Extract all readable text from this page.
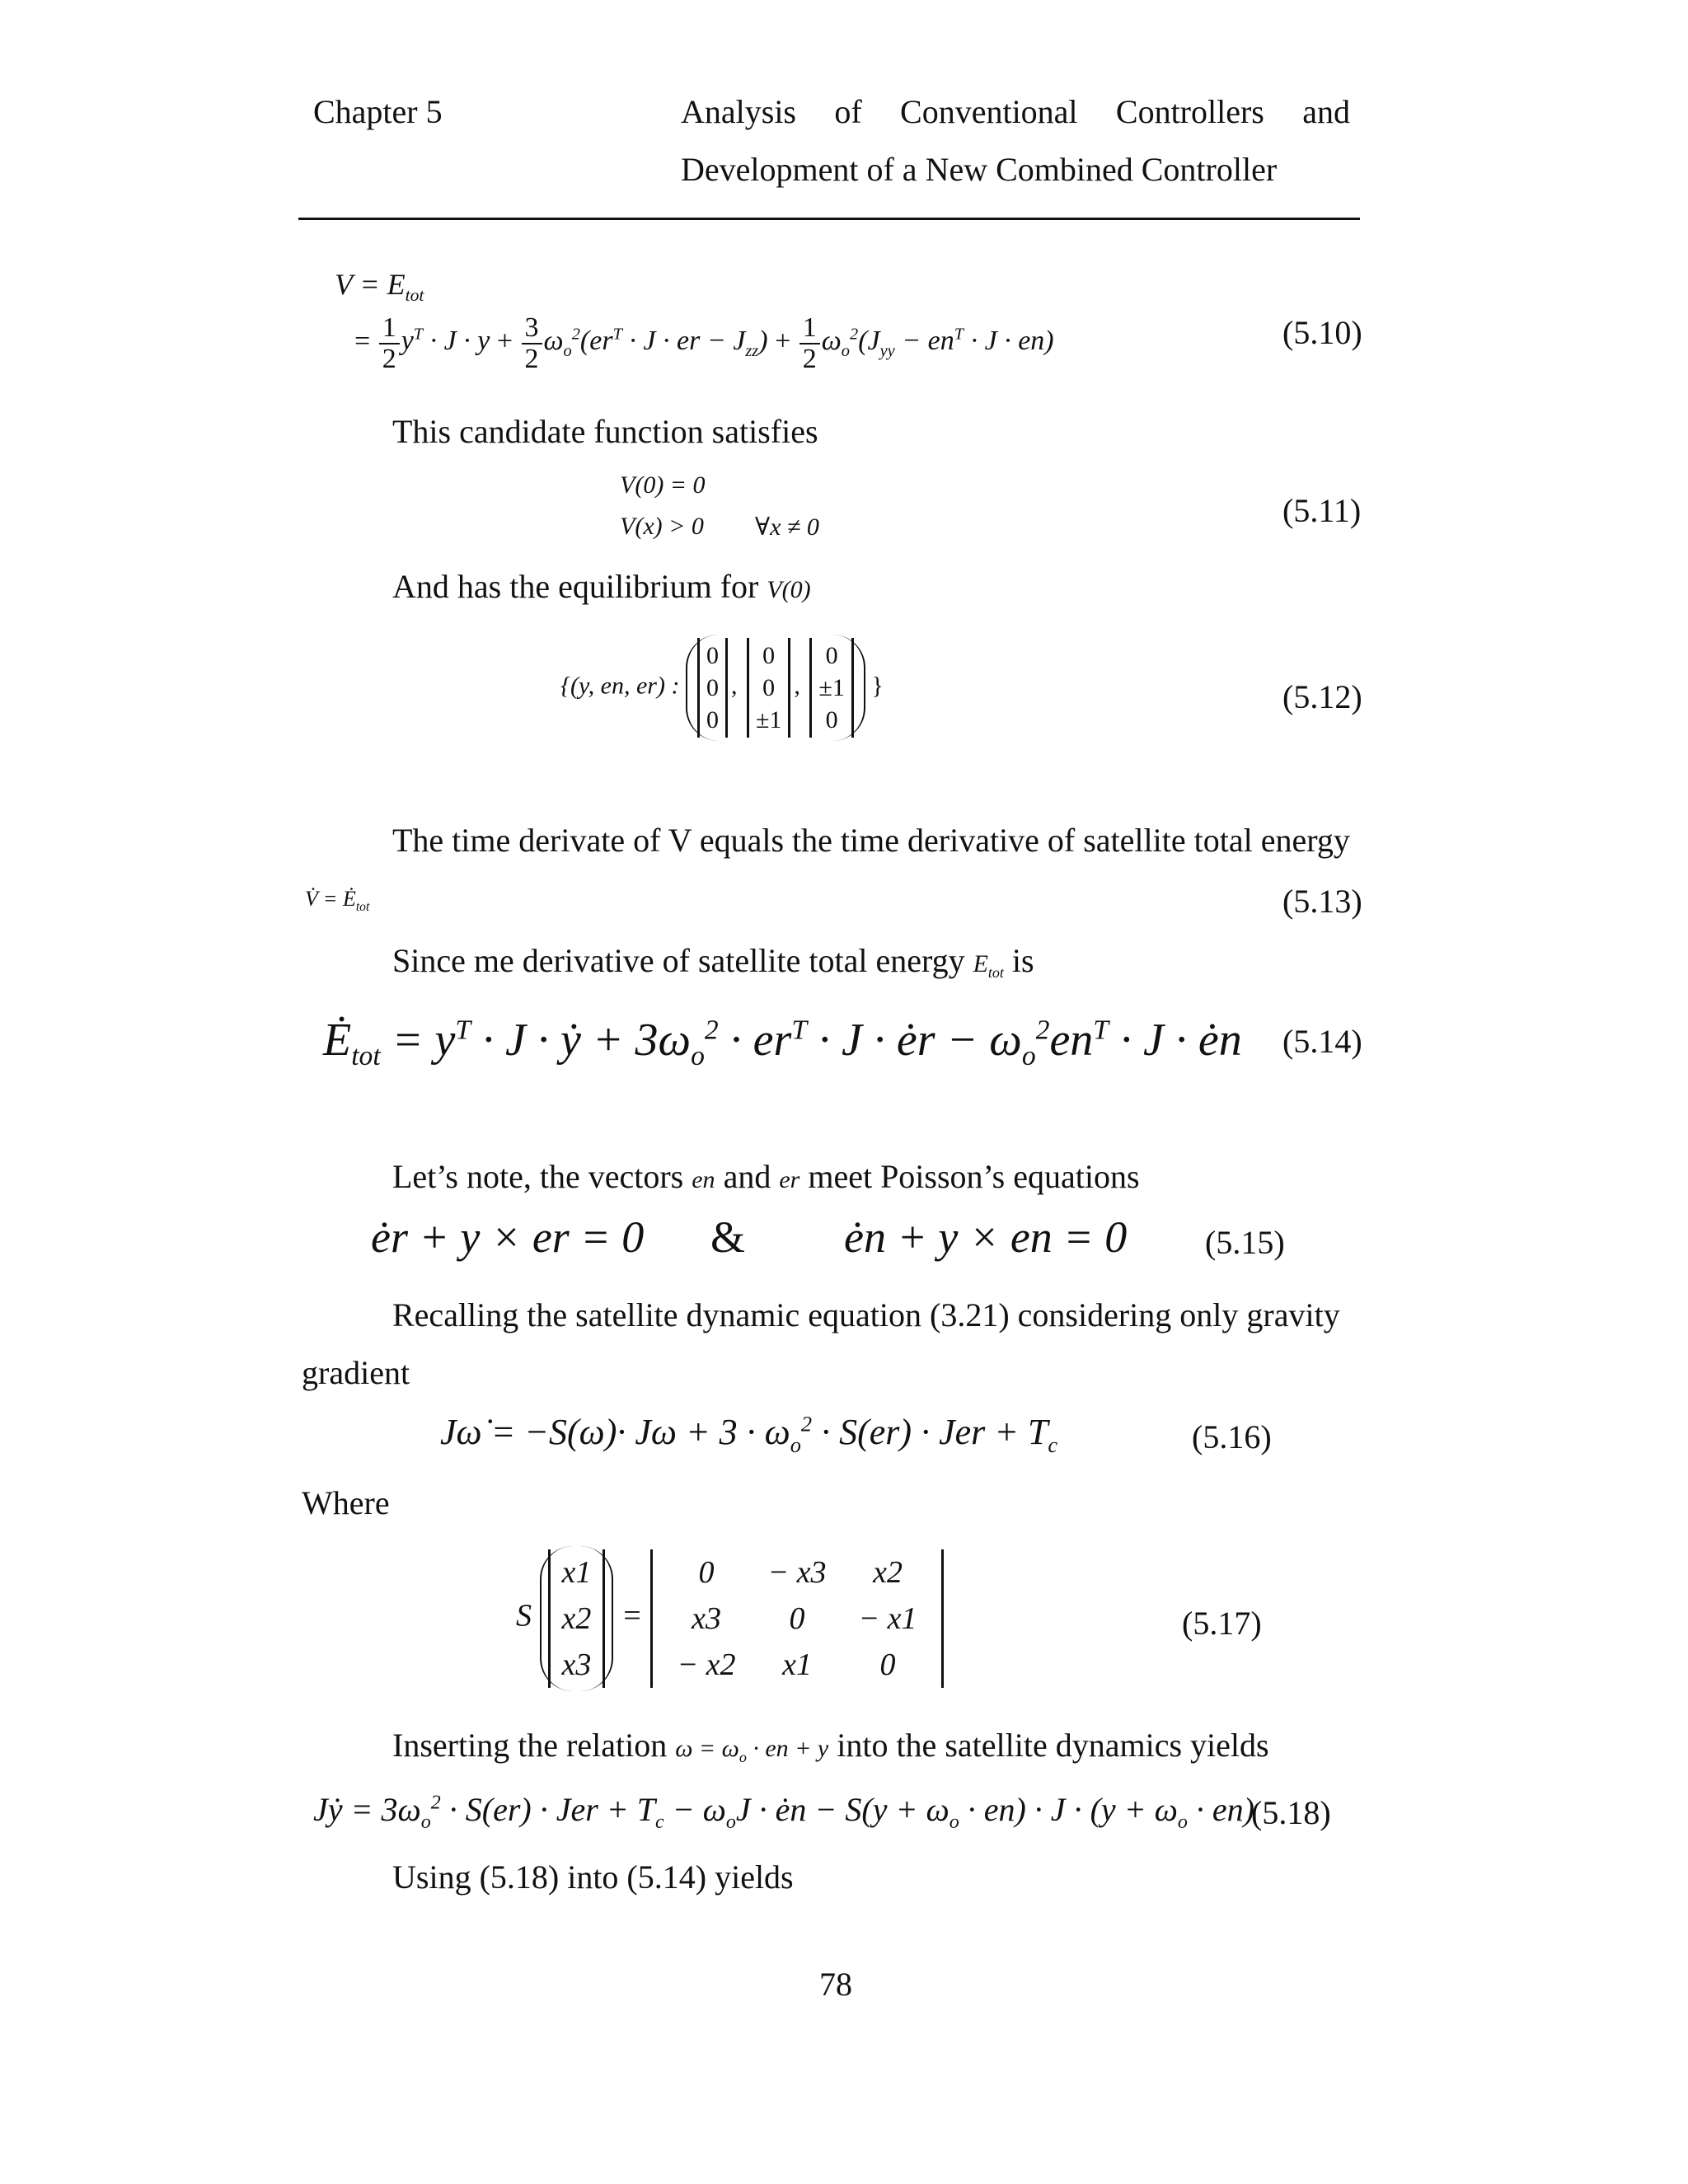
Chapter 5	Analysis of Conventional Controllers and
Development of a New Combined Controller
$V = E_{tot}$
= $\frac{1}{2} y^T \cdot J \cdot y + \frac{3}{2} \omega_o^2(er^T \cdot J$ · er − $J_{zz}) + \frac{1}{2} \omega_o^2(J_{yy} - en^T \cdot J \cdot en)$	(5.10)
This candidate function satisfies
V(0) = 0
V(x) > 0 ∀x ≠ 0	(5.11)
And has the equilibrium for V(0)
{(y, en, er) :
0
0
0
,
0
0
±1
,
0
±1
0
}	(5.12)
The time derivate of V equals the time derivative of satellite total energy
V̇ = $Ė_{tot}$	(5.13)
Since me derivative of satellite total energy $E_{tot}$ is
$Ė_{tot} = y^T \cdot J$ · ẏ + $3\omega_o^2 \cdot er^T \cdot J$ · ėr − $\omega_o^2en^T \cdot J$ · ėn (5.14)
Let’s note, the vectors en and er meet Poisson’s equations
ėr + y × er = 0 & ėn + y × en = 0 (5.15)
Recalling the satellite dynamic equation (3.21) considering only gravity
gradient
Jω̇ = $-S(\omega)\cdot J\omega + 3 \cdot \omega_o^2 \cdot S(er)$ · Jer + $T_c$	(5.16)
Where
S
x1
x2
x3
=
0	− x3	x2
x3	0	− x1
− x2	x1	0
(5.17)
Inserting the relation $\omega = \omega_o$ · en + y into the satellite dynamics yields
Jẏ = $3\omega_o^2 \cdot S(er)$ · Jer + $T_c - \omega_oJ$ · ėn − $S(y + \omega_o \cdot en) \cdot J \cdot (y + \omega_o \cdot en)$
(5.18)
Using (5.18) into (5.14) yields
78
